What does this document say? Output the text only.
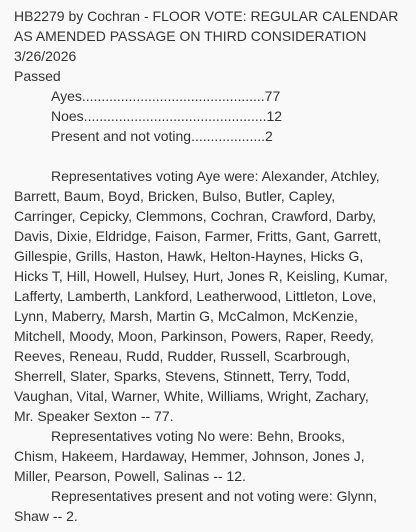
HB2279 by Cochran - FLOOR VOTE: REGULAR CALENDAR
AS AMENDED PASSAGE ON THIRD CONSIDERATION
3/26/2026
Passed
Ayes...............................................77
Noes...............................................12
Present and not voting...................2
Representatives voting Aye were: Alexander, Atchley,
Barrett, Baum, Boyd, Bricken, Bulso, Butler, Capley,
Carringer, Cepicky, Clemmons, Cochran, Crawford, Darby,
Davis, Dixie, Eldridge, Faison, Farmer, Fritts, Gant, Garrett,
Gillespie, Grills, Haston, Hawk, Helton-Haynes, Hicks G,
Hicks T, Hill, Howell, Hulsey, Hurt, Jones R, Keisling, Kumar,
Lafferty, Lamberth, Lankford, Leatherwood, Littleton, Love,
Lynn, Maberry, Marsh, Martin G, McCalmon, McKenzie,
Mitchell, Moody, Moon, Parkinson, Powers, Raper, Reedy,
Reeves, Reneau, Rudd, Rudder, Russell, Scarbrough,
Sherrell, Slater, Sparks, Stevens, Stinnett, Terry, Todd,
Vaughan, Vital, Warner, White, Williams, Wright, Zachary,
Mr. Speaker Sexton -- 77.
Representatives voting No were: Behn, Brooks,
Chism, Hakeem, Hardaway, Hemmer, Johnson, Jones J,
Miller, Pearson, Powell, Salinas -- 12.
Representatives present and not voting were: Glynn,
Shaw -- 2.
